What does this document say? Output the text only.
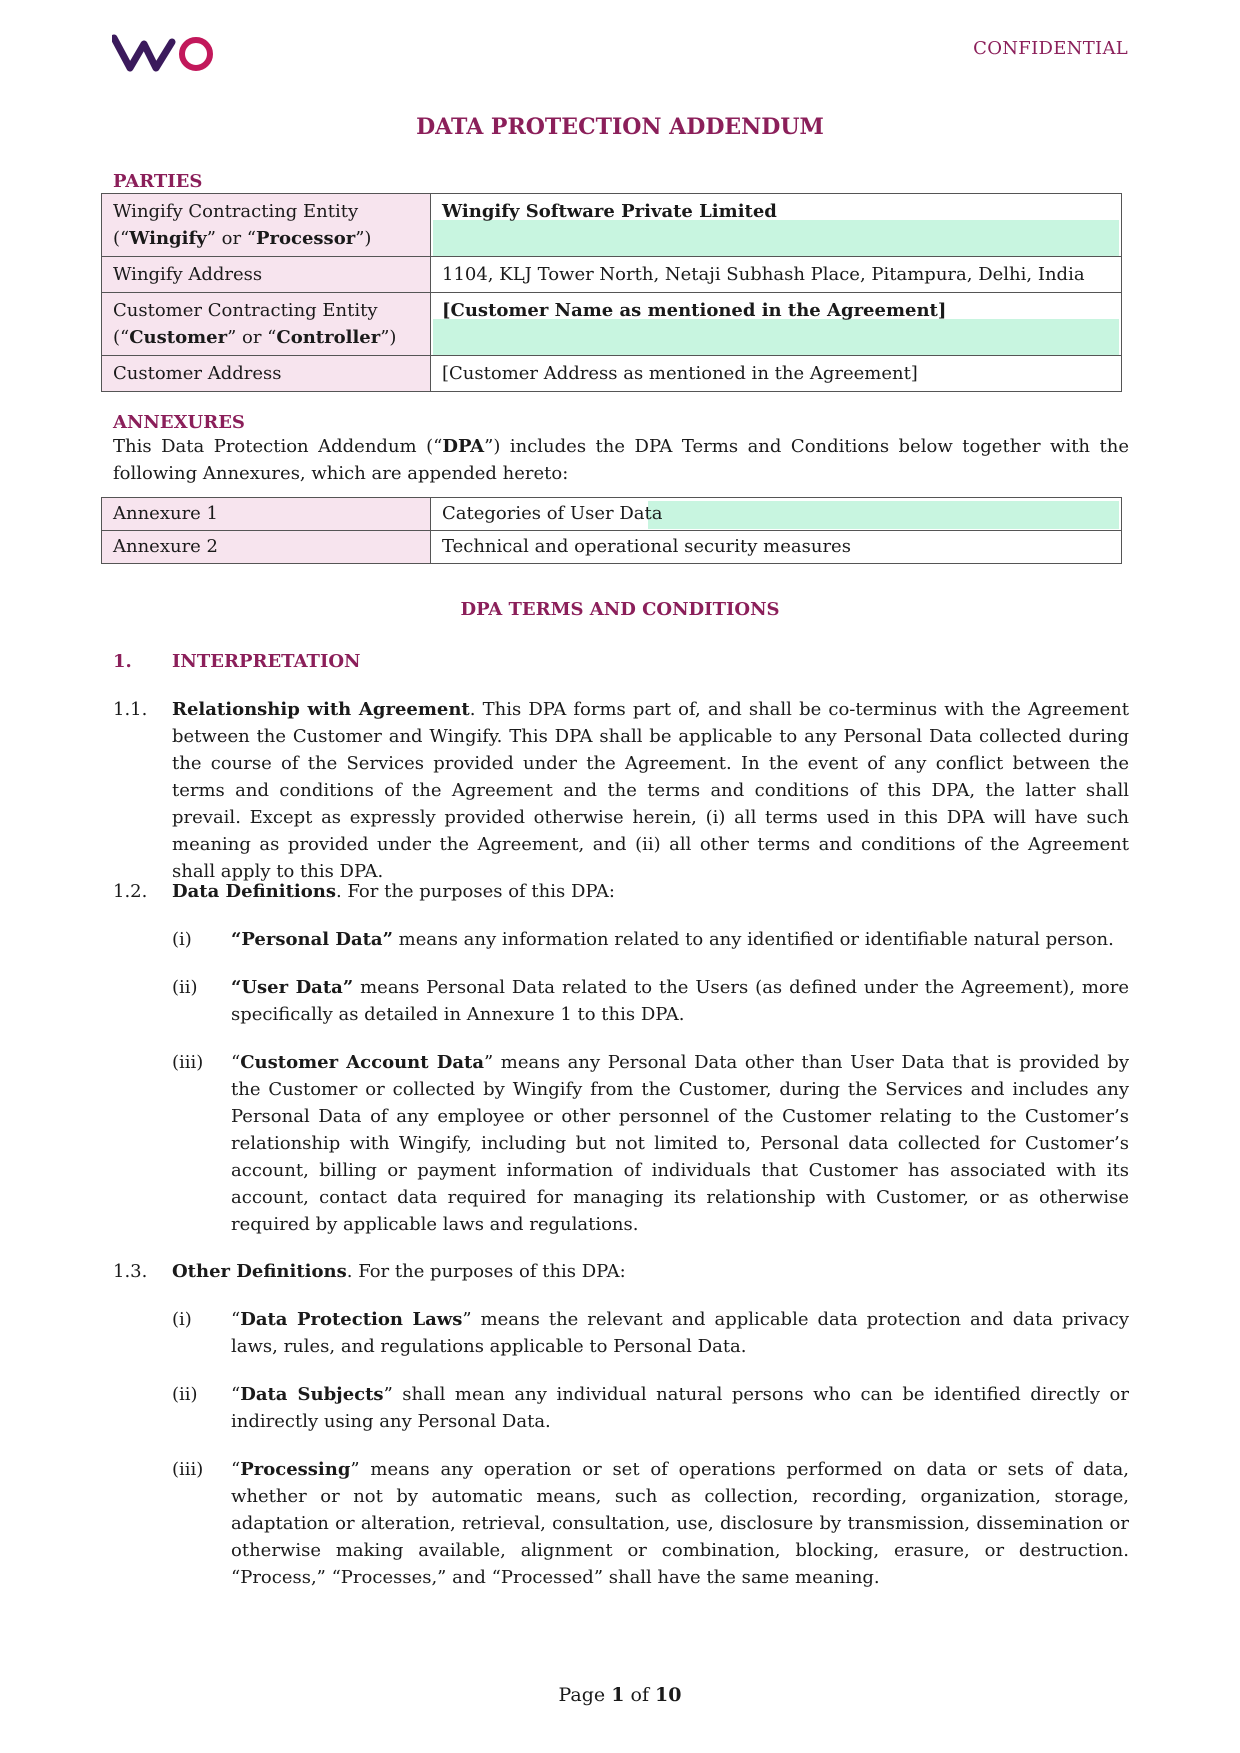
CONFIDENTIAL
DATA PROTECTION ADDENDUM
PARTIES
Wingify Contracting Entity
(“Wingify” or “Processor”)	Wingify Software Private Limited
Wingify Address	1104, KLJ Tower North, Netaji Subhash Place, Pitampura, Delhi, India
Customer Contracting Entity
(“Customer” or “Controller”)	[Customer Name as mentioned in the Agreement]
Customer Address	[Customer Address as mentioned in the Agreement]
ANNEXURES
This Data Protection Addendum (“DPA”) includes the DPA Terms and Conditions below together with the following Annexures, which are appended hereto:
Annexure 1	Categories of User Data
Annexure 2	Technical and operational security measures
DPA TERMS AND CONDITIONS
1. INTERPRETATION
1.1. Relationship with Agreement. This DPA forms part of, and shall be co-terminus with the Agreement between the Customer and Wingify. This DPA shall be applicable to any Personal Data collected during the course of the Services provided under the Agreement. In the event of any conflict between the terms and conditions of the Agreement and the terms and conditions of this DPA, the latter shall prevail. Except as expressly provided otherwise herein, (i) all terms used in this DPA will have such meaning as provided under the Agreement, and (ii) all other terms and conditions of the Agreement shall apply to this DPA.
1.2. Data Definitions. For the purposes of this DPA:
(i) “Personal Data” means any information related to any identified or identifiable natural person.
(ii) “User Data” means Personal Data related to the Users (as defined under the Agreement), more specifically as detailed in Annexure 1 to this DPA.
(iii) “Customer Account Data” means any Personal Data other than User Data that is provided by the Customer or collected by Wingify from the Customer, during the Services and includes any Personal Data of any employee or other personnel of the Customer relating to the Customer’s relationship with Wingify, including but not limited to, Personal data collected for Customer’s account, billing or payment information of individuals that Customer has associated with its account, contact data required for managing its relationship with Customer, or as otherwise required by applicable laws and regulations.
1.3. Other Definitions. For the purposes of this DPA:
(i) “Data Protection Laws” means the relevant and applicable data protection and data privacy laws, rules, and regulations applicable to Personal Data.
(ii) “Data Subjects” shall mean any individual natural persons who can be identified directly or indirectly using any Personal Data.
(iii) “Processing” means any operation or set of operations performed on data or sets of data, whether or not by automatic means, such as collection, recording, organization, storage, adaptation or alteration, retrieval, consultation, use, disclosure by transmission, dissemination or otherwise making available, alignment or combination, blocking, erasure, or destruction. “Process,” “Processes,” and “Processed” shall have the same meaning.
Page 1 of 10
